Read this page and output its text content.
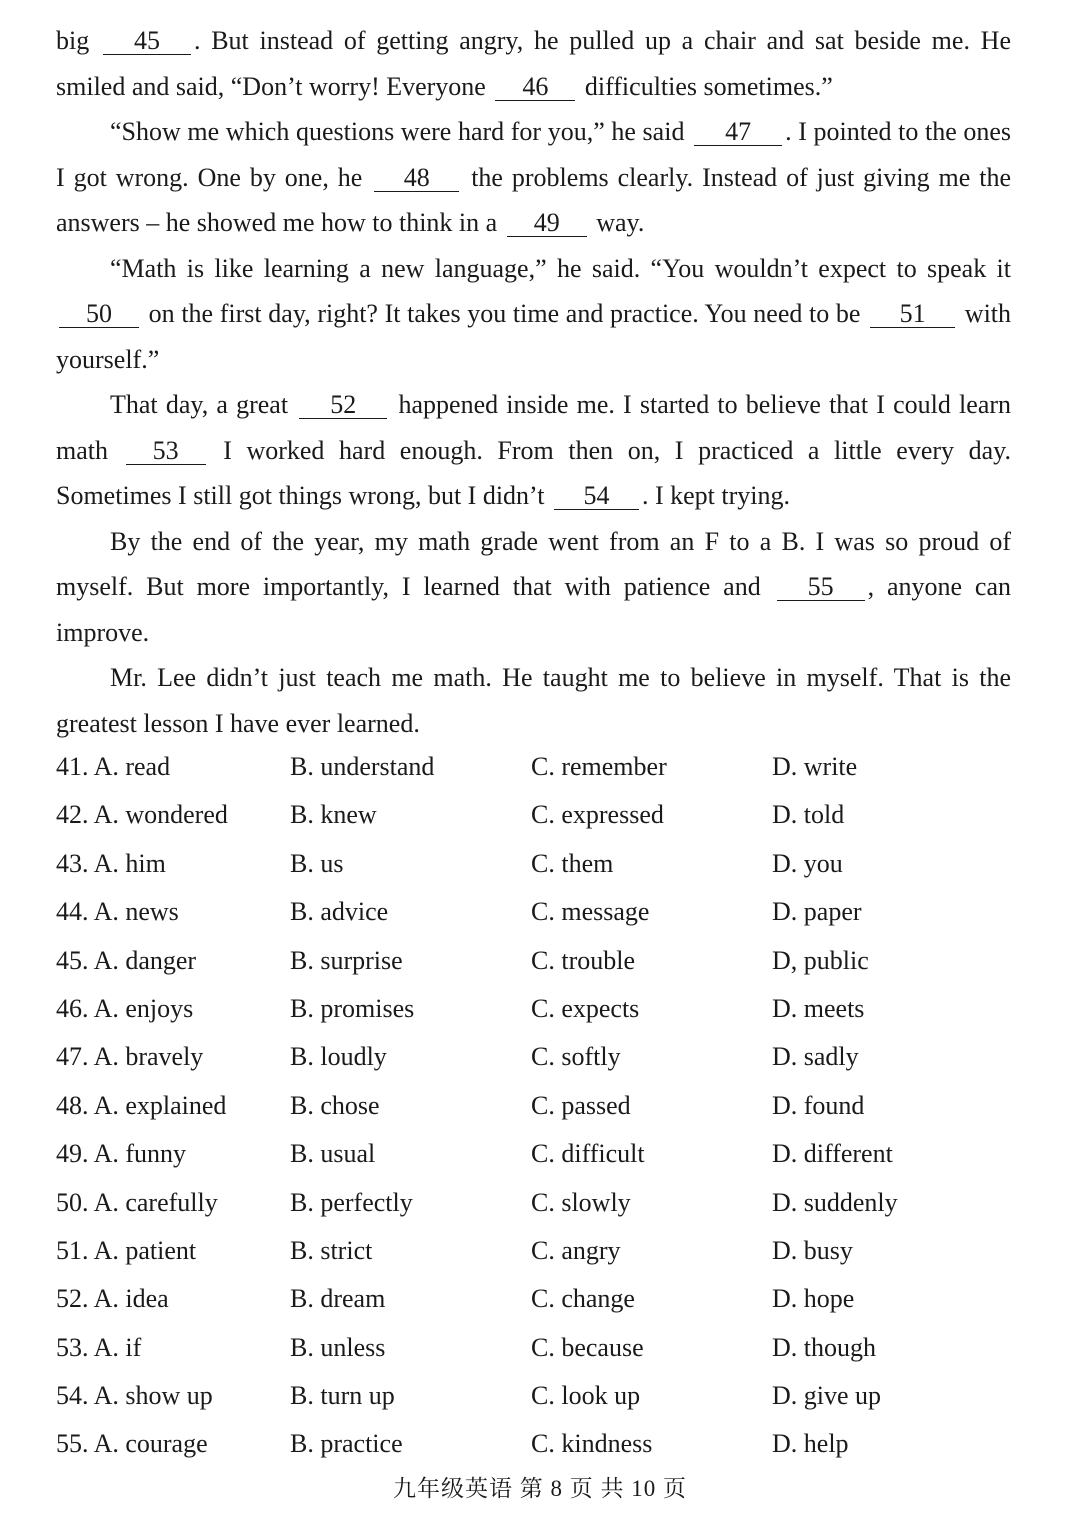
big 45 . But instead of getting angry, he pulled up a chair and sat beside me. He smiled and said, “Don’t worry! Everyone 46 difficulties sometimes.”

“Show me which questions were hard for you,” he said 47 . I pointed to the ones I got wrong. One by one, he 48 the problems clearly. Instead of just giving me the answers – he showed me how to think in a 49 way.

“Math is like learning a new language,” he said. “You wouldn’t expect to speak it 50 on the first day, right? It takes you time and practice. You need to be 51 with yourself.”

That day, a great 52 happened inside me. I started to believe that I could learn math 53 I worked hard enough. From then on, I practiced a little every day. Sometimes I still got things wrong, but I didn’t 54 . I kept trying.

By the end of the year, my math grade went from an F to a B. I was so proud of myself. But more importantly, I learned that with patience and 55 , anyone can improve.

Mr. Lee didn’t just teach me math. He taught me to believe in myself. That is the greatest lesson I have ever learned.

41. A. read	B. understand	C. remember	D. write
42. A. wondered B. knew	C. expressed	D. told
43. A. him	B. us	C. them	D. you
44. A. news	B. advice	C. message	D. paper
45. A. danger	B. surprise	C. trouble	D, public
46. A. enjoys	B. promises	C. expects	D. meets
47. A. bravely	B. loudly	C. softly	D. sadly
48. A. explained B. chose	C. passed	D. found
49. A. funny	B. usual	C. difficult	D. different
50. A. carefully	B. perfectly	C. slowly	D. suddenly
51. A. patient	B. strict	C. angry	D. busy
52. A. idea	B. dream	C. change	D. hope
53. A. if	B. unless	C. because	D. though
54. A. show up	B. turn up	C. look up	D. give up
55. A. courage	B. practice	C. kindness	D. help
九年级英语 第 8 页 共 10 页
